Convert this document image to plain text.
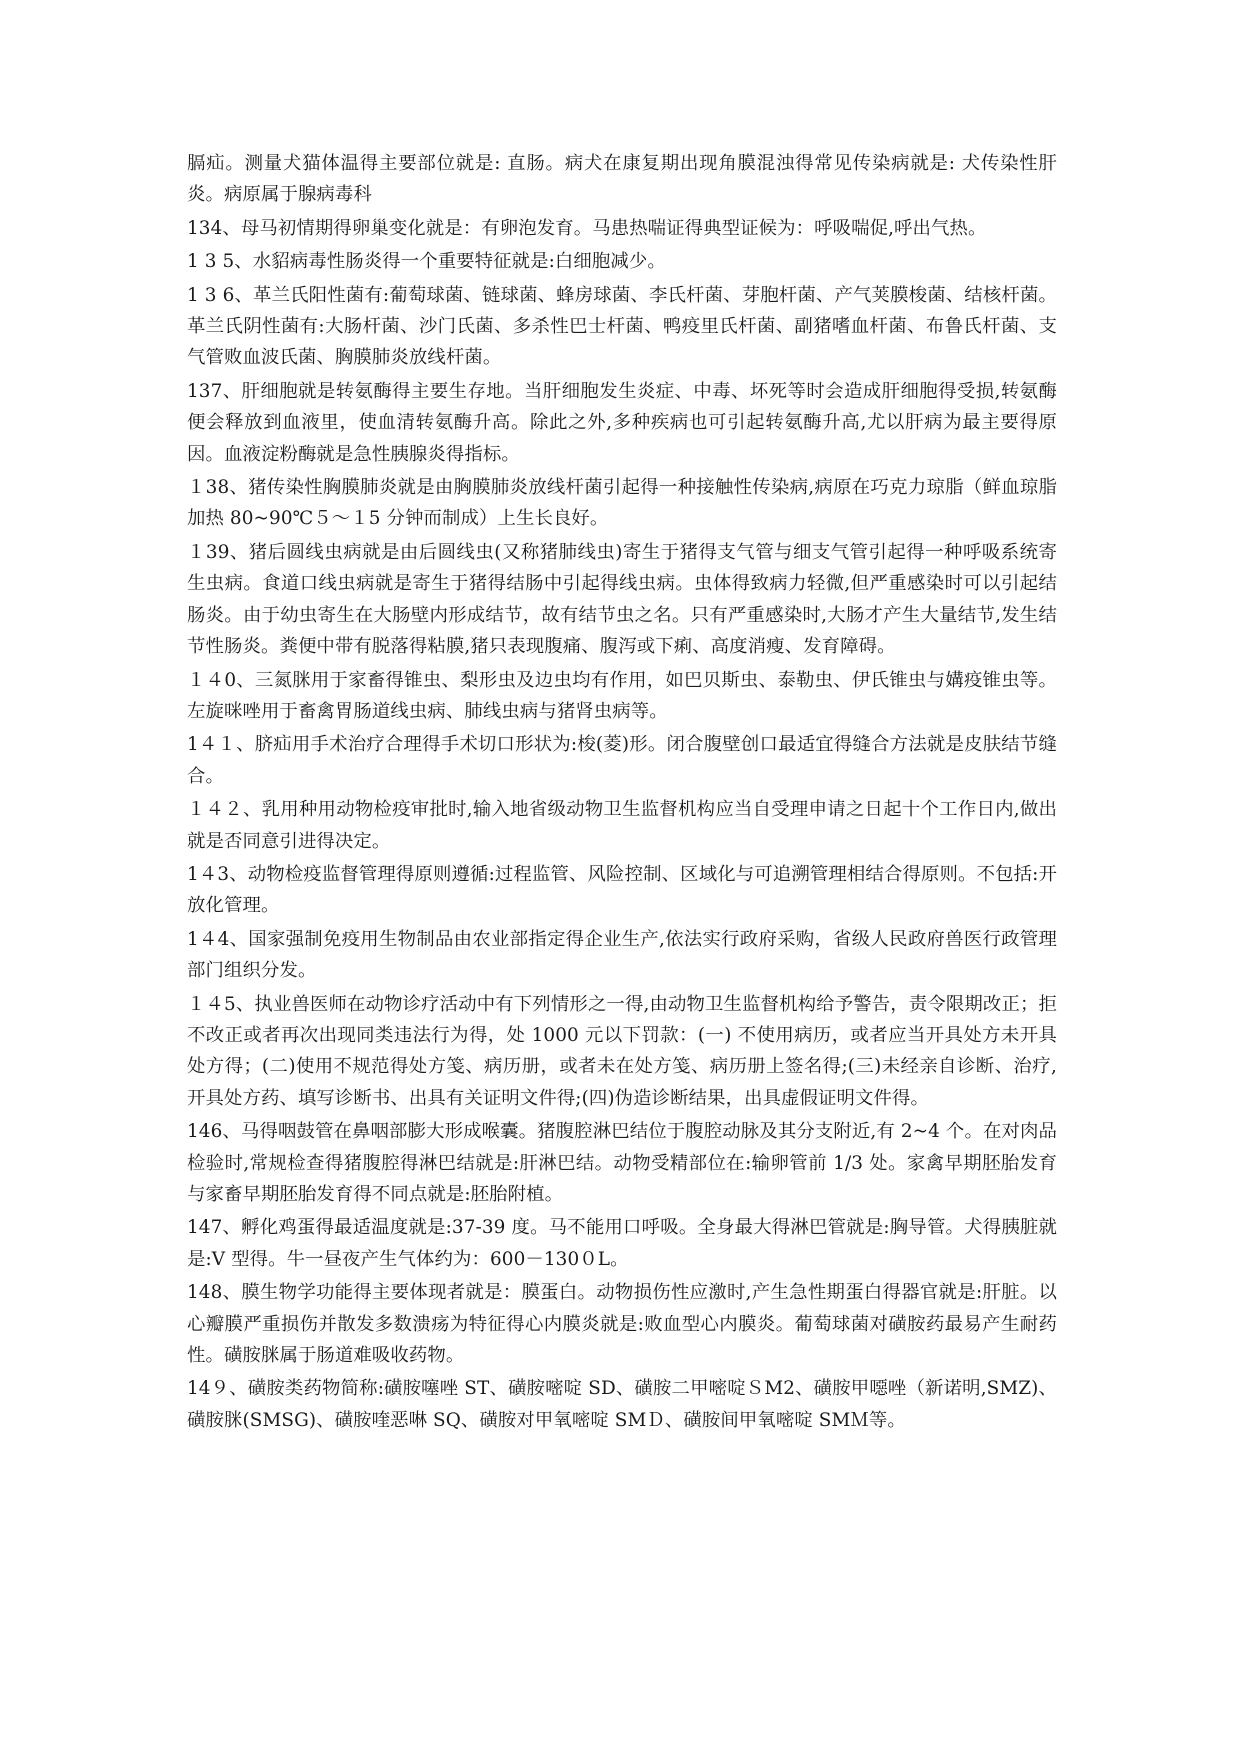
膈疝。测量犬猫体温得主要部位就是: 直肠。病犬在康复期出现角膜混浊得常见传染病就是: 犬传染性肝炎。病原属于腺病毒科

134、母马初情期得卵巢变化就是：有卵泡发育。马患热喘证得典型证候为：呼吸喘促,呼出气热。

1 3 5、水貂病毒性肠炎得一个重要特征就是:白细胞减少。

1 3 6、革兰氏阳性菌有:葡萄球菌、链球菌、蜂房球菌、李氏杆菌、芽胞杆菌、产气荚膜梭菌、结核杆菌。革兰氏阴性菌有:大肠杆菌、沙门氏菌、多杀性巴士杆菌、鸭疫里氏杆菌、副猪嗜血杆菌、布鲁氏杆菌、支气管败血波氏菌、胸膜肺炎放线杆菌。

137、肝细胞就是转氨酶得主要生存地。当肝细胞发生炎症、中毒、坏死等时会造成肝细胞得受损,转氨酶便会释放到血液里，使血清转氨酶升高。除此之外,多种疾病也可引起转氨酶升高,尤以肝病为最主要得原因。血液淀粉酶就是急性胰腺炎得指标。

１38、猪传染性胸膜肺炎就是由胸膜肺炎放线杆菌引起得一种接触性传染病,病原在巧克力琼脂（鲜血琼脂加热 80~90℃５～１5 分钟而制成）上生长良好。

１39、猪后圆线虫病就是由后圆线虫(又称猪肺线虫)寄生于猪得支气管与细支气管引起得一种呼吸系统寄生虫病。食道口线虫病就是寄生于猪得结肠中引起得线虫病。虫体得致病力轻微,但严重感染时可以引起结肠炎。由于幼虫寄生在大肠壁内形成结节，故有结节虫之名。只有严重感染时,大肠才产生大量结节,发生结节性肠炎。粪便中带有脱落得粘膜,猪只表现腹痛、腹泻或下痢、高度消瘦、发育障碍。

１４0、三氮脒用于家畜得锥虫、梨形虫及边虫均有作用，如巴贝斯虫、泰勒虫、伊氏锥虫与媾疫锥虫等。左旋咪唑用于畜禽胃肠道线虫病、肺线虫病与猪肾虫病等。

1４１、脐疝用手术治疗合理得手术切口形状为:梭(菱)形。闭合腹壁创口最适宜得缝合方法就是皮肤结节缝合。

１４２、乳用种用动物检疫审批时,输入地省级动物卫生监督机构应当自受理申请之日起十个工作日内,做出就是否同意引进得决定。

1４3、动物检疫监督管理得原则遵循:过程监管、风险控制、区域化与可追溯管理相结合得原则。不包括:开放化管理。

1４4、国家强制免疫用生物制品由农业部指定得企业生产,依法实行政府采购，省级人民政府兽医行政管理部门组织分发。

１４5、执业兽医师在动物诊疗活动中有下列情形之一得,由动物卫生监督机构给予警告，责令限期改正；拒不改正或者再次出现同类违法行为得，处 1000 元以下罚款：(一) 不使用病历，或者应当开具处方未开具处方得；(二)使用不规范得处方笺、病历册，或者未在处方笺、病历册上签名得;(三)未经亲自诊断、治疗,开具处方药、填写诊断书、出具有关证明文件得;(四)伪造诊断结果，出具虚假证明文件得。

146、马得咽鼓管在鼻咽部膨大形成喉囊。猪腹腔淋巴结位于腹腔动脉及其分支附近,有 2~4 个。在对肉品检验时,常规检查得猪腹腔得淋巴结就是:肝淋巴结。动物受精部位在:输卵管前 1/3 处。家禽早期胚胎发育与家畜早期胚胎发育得不同点就是:胚胎附植。

147、孵化鸡蛋得最适温度就是:37-39 度。马不能用口呼吸。全身最大得淋巴管就是:胸导管。犬得胰脏就是:V 型得。牛一昼夜产生气体约为：600－130０L。

148、膜生物学功能得主要体现者就是：膜蛋白。动物损伤性应激时,产生急性期蛋白得器官就是:肝脏。以心瓣膜严重损伤并散发多数溃疡为特征得心内膜炎就是:败血型心内膜炎。葡萄球菌对磺胺药最易产生耐药性。磺胺脒属于肠道难吸收药物。

14９、磺胺类药物简称:磺胺噻唑 ST、磺胺嘧啶 SD、磺胺二甲嘧啶ＳM2、磺胺甲噁唑（新诺明,SMZ)、磺胺脒(SMSG)、磺胺喹恶啉 SQ、磺胺对甲氧嘧啶 SMＤ、磺胺间甲氧嘧啶 SMＭ等。
